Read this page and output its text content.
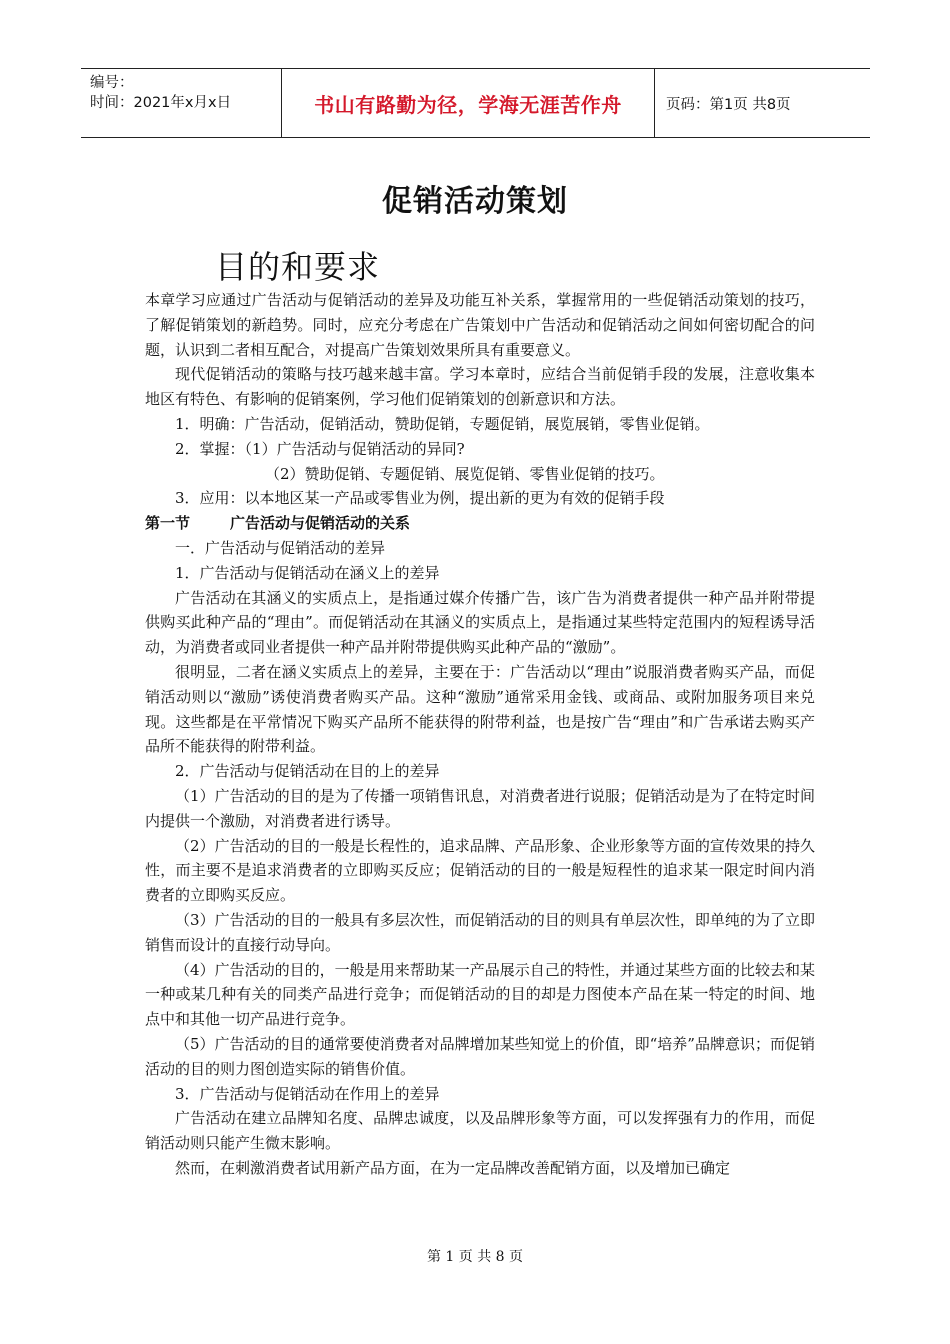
编号：
时间：2021年x月x日	书山有路勤为径，学海无涯苦作舟	页码：第1页 共8页
促销活动策划
目的和要求

本章学习应通过广告活动与促销活动的差异及功能互补关系，掌握常用的一些促销活动策划的技巧，了解促销策划的新趋势。同时，应充分考虑在广告策划中广告活动和促销活动之间如何密切配合的问题，认识到二者相互配合，对提高广告策划效果所具有重要意义。

现代促销活动的策略与技巧越来越丰富。学习本章时，应结合当前促销手段的发展，注意收集本地区有特色、有影响的促销案例，学习他们促销策划的创新意识和方法。

1．明确：广告活动，促销活动，赞助促销，专题促销，展览展销，零售业促销。

2．掌握：（1）广告活动与促销活动的异同?

（2）赞助促销、专题促销、展览促销、零售业促销的技巧。

3．应用：以本地区某一产品或零售业为例，提出新的更为有效的促销手段

第一节	广告活动与促销活动的关系

一．广告活动与促销活动的差异

1．广告活动与促销活动在涵义上的差异

广告活动在其涵义的实质点上，是指通过媒介传播广告，该广告为消费者提供一种产品并附带提供购买此种产品的“理由”。而促销活动在其涵义的实质点上，是指通过某些特定范围内的短程诱导活动，为消费者或同业者提供一种产品并附带提供购买此种产品的“激励”。

很明显，二者在涵义实质点上的差异，主要在于：广告活动以“理由”说服消费者购买产品，而促销活动则以“激励”诱使消费者购买产品。这种“激励”通常采用金钱、或商品、或附加服务项目来兑现。这些都是在平常情况下购买产品所不能获得的附带利益，也是按广告“理由”和广告承诺去购买产品所不能获得的附带利益。

2．广告活动与促销活动在目的上的差异

（1）广告活动的目的是为了传播一项销售讯息，对消费者进行说服；促销活动是为了在特定时间内提供一个激励，对消费者进行诱导。

（2）广告活动的目的一般是长程性的，追求品牌、产品形象、企业形象等方面的宣传效果的持久性，而主要不是追求消费者的立即购买反应；促销活动的目的一般是短程性的追求某一限定时间内消费者的立即购买反应。

（3）广告活动的目的一般具有多层次性，而促销活动的目的则具有单层次性，即单纯的为了立即销售而设计的直接行动导向。

（4）广告活动的目的，一般是用来帮助某一产品展示自己的特性，并通过某些方面的比较去和某一种或某几种有关的同类产品进行竞争；而促销活动的目的却是力图使本产品在某一特定的时间、地点中和其他一切产品进行竞争。

（5）广告活动的目的通常要使消费者对品牌增加某些知觉上的价值，即“培养”品牌意识；而促销活动的目的则力图创造实际的销售价值。

3．广告活动与促销活动在作用上的差异

广告活动在建立品牌知名度、品牌忠诚度，以及品牌形象等方面，可以发挥强有力的作用，而促销活动则只能产生微末影响。

然而，在刺激消费者试用新产品方面，在为一定品牌改善配销方面，以及增加已确定

第 1 页 共 8 页
